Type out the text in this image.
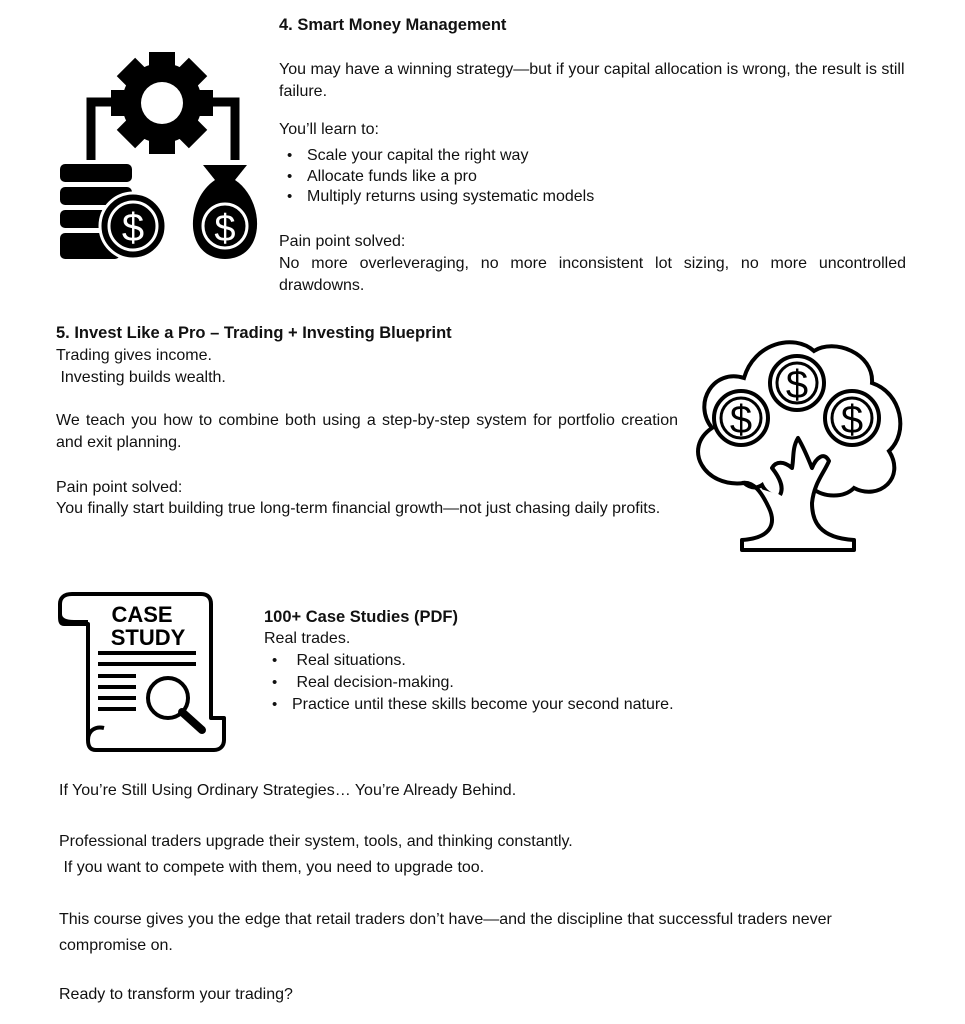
$ $
4. Smart Money Management
You may have a winning strategy—but if your capital allocation is wrong, the result is still failure.
You’ll learn to:
• Scale your capital the right way
• Allocate funds like a pro
• Multiply returns using systematic models
Pain point solved:
No more overleveraging, no more inconsistent lot sizing, no more uncontrolled drawdowns.
5. Invest Like a Pro – Trading + Investing Blueprint
Trading gives income.
Investing builds wealth.
We teach you how to combine both using a step-by-step system for portfolio creation and exit planning.
Pain point solved:
You finally start building true long-term financial growth—not just chasing daily profits.
$
$
$
CASE
STUDY
100+ Case Studies (PDF)
Real trades.
•  Real situations.
•  Real decision-making.
• Practice until these skills become your second nature.
If You’re Still Using Ordinary Strategies… You’re Already Behind.
Professional traders upgrade their system, tools, and thinking constantly.
If you want to compete with them, you need to upgrade too.
This course gives you the edge that retail traders don’t have—and the discipline that successful traders never compromise on.
Ready to transform your trading?
